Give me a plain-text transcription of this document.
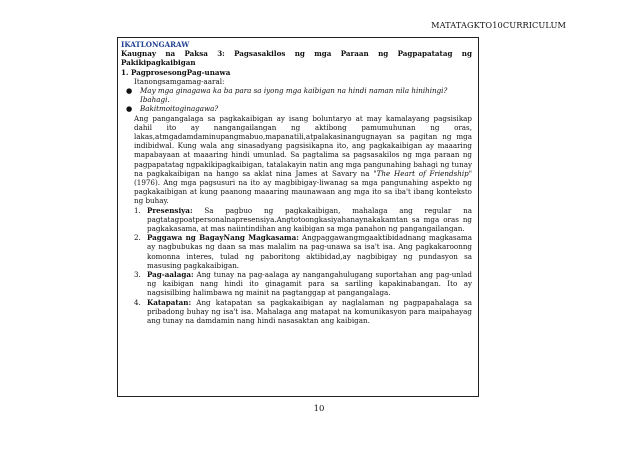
MATATAGKTO10CURRICULUM
IKATLONGARAW
Kaugnay na Paksa 3: Pagsasakilos ng mga Paraan ng Pagpapatatag ng Pakikipagkaibigan
1. PagprosesongPag-unawa
Itanongsamgamag-aaral:
●	May mga ginagawa ka ba para sa iyong mga kaibigan na hindi naman nila hinihingi? Ibahagi.
●	Bakitmoitoginagawa?
Ang pangangalaga sa pagkakaibigan ay isang boluntaryo at may kamalayang pagsisikap dahil ito ay nangangailangan ng aktibong pamumuhunan ng oras, lakas,atmgadamdaminupangmabuo,mapanatili,atpalakasinangugnayan sa pagitan ng mga indibidwal. Kung wala ang sinasadyang pagsisikapna ito, ang pagkakaibigan ay maaaring mapabayaan at maaaring hindi umunlad. Sa pagtalima sa pagsasakilos ng mga paraan ng pagpapatatag ngpakikipagkaibigan, tatalakayin natin ang mga pangunahing bahagi ng tunay na pagkakaibigan na hango sa aklat nina James at Savary na "The Heart of Friendship" (1976). Ang mga pagsusuri na ito ay magbibigay-liwanag sa mga pangunahing aspekto ng pagkakaibigan at kung paanong maaaring maunawaan ang mga ito sa iba't ibang konteksto ng buhay.
1. Presensiya: Sa pagbuo ng pagkakaibigan, mahalaga ang regular na pagtatagpoatpersonalnapresensiya.Angtotoongkasiyahanaynakakamtan sa mga oras ng pagkakasama, at mas naiintindihan ang kaibigan sa mga panahon ng pangangailangan.
2. Paggawa ng BagayNang Magkasama: Angpaggawangmgaaktibidadnang magkasama ay nagbubukas ng daan sa mas malalim na pag-unawa sa isa't isa. Ang pagkakaroonng komonna interes, tulad ng paboritong aktibidad,ay nagbibigay ng pundasyon sa masusing pagkakaibigan.
3. Pag-aalaga: Ang tunay na pag-aalaga ay nangangahulugang suportahan ang pag-unlad ng kaibigan nang hindi ito ginagamit para sa sariling kapakinabangan. Ito ay nagsisilbing halimbawa ng mainit na pagtanggap at pangangalaga.
4. Katapatan: Ang katapatan sa pagkakaibigan ay naglalaman ng pagpapahalaga sa pribadong buhay ng isa't isa. Mahalaga ang matapat na komunikasyon para maipahayag ang tunay na damdamin nang hindi nasasaktan ang kaibigan.
10
